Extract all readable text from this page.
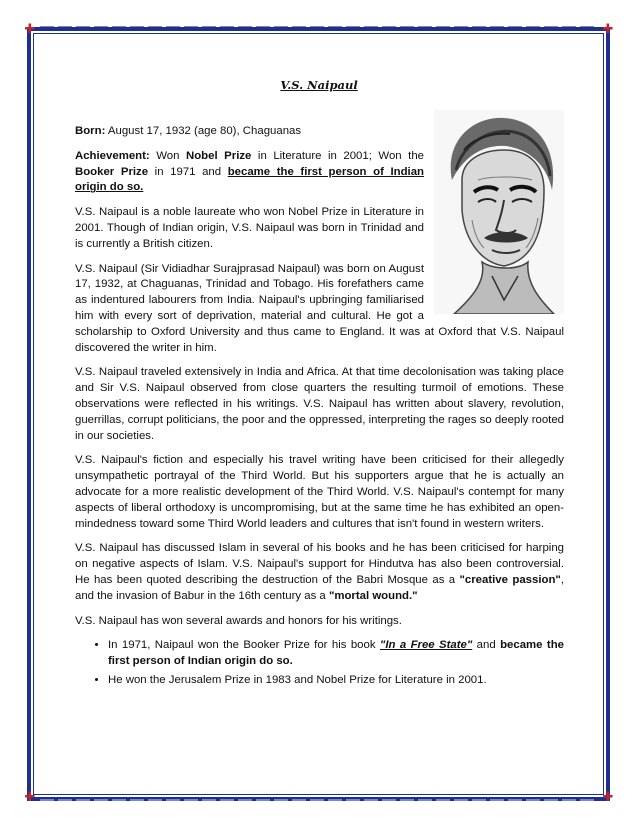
✚	✚
✚	✚
V.S. Naipaul

Born: August 17, 1932 (age 80), Chaguanas

Achievement: Won Nobel Prize in Literature in 2001; Won the Booker Prize in 1971 and became the first person of Indian origin do so.

V.S. Naipaul is a noble laureate who won Nobel Prize in Literature in 2001. Though of Indian origin, V.S. Naipaul was born in Trinidad and is currently a British citizen.

V.S. Naipaul (Sir Vidiadhar Surajprasad Naipaul) was born on August 17, 1932, at Chaguanas, Trinidad and Tobago. His forefathers came as indentured labourers from India. Naipaul's upbringing familiarised him with every sort of deprivation, material and cultural. He got a scholarship to Oxford University and thus came to England. It was at Oxford that V.S. Naipaul discovered the writer in him.

V.S. Naipaul traveled extensively in India and Africa. At that time decolonisation was taking place and Sir V.S. Naipaul observed from close quarters the resulting turmoil of emotions. These observations were reflected in his writings. V.S. Naipaul has written about slavery, revolution, guerrillas, corrupt politicians, the poor and the oppressed, interpreting the rages so deeply rooted in our societies.

V.S. Naipaul's fiction and especially his travel writing have been criticised for their allegedly unsympathetic portrayal of the Third World. But his supporters argue that he is actually an advocate for a more realistic development of the Third World. V.S. Naipaul's contempt for many aspects of liberal orthodoxy is uncompromising, but at the same time he has exhibited an open-mindedness toward some Third World leaders and cultures that isn't found in western writers.

V.S. Naipaul has discussed Islam in several of his books and he has been criticised for harping on negative aspects of Islam. V.S. Naipaul's support for Hindutva has also been controversial. He has been quoted describing the destruction of the Babri Mosque as a "creative passion", and the invasion of Babur in the 16th century as a "mortal wound."

V.S. Naipaul has won several awards and honors for his writings.

• In 1971, Naipaul won the Booker Prize for his book "In a Free State" and became the first person of Indian origin do so.
• He won the Jerusalem Prize in 1983 and Nobel Prize for Literature in 2001.
